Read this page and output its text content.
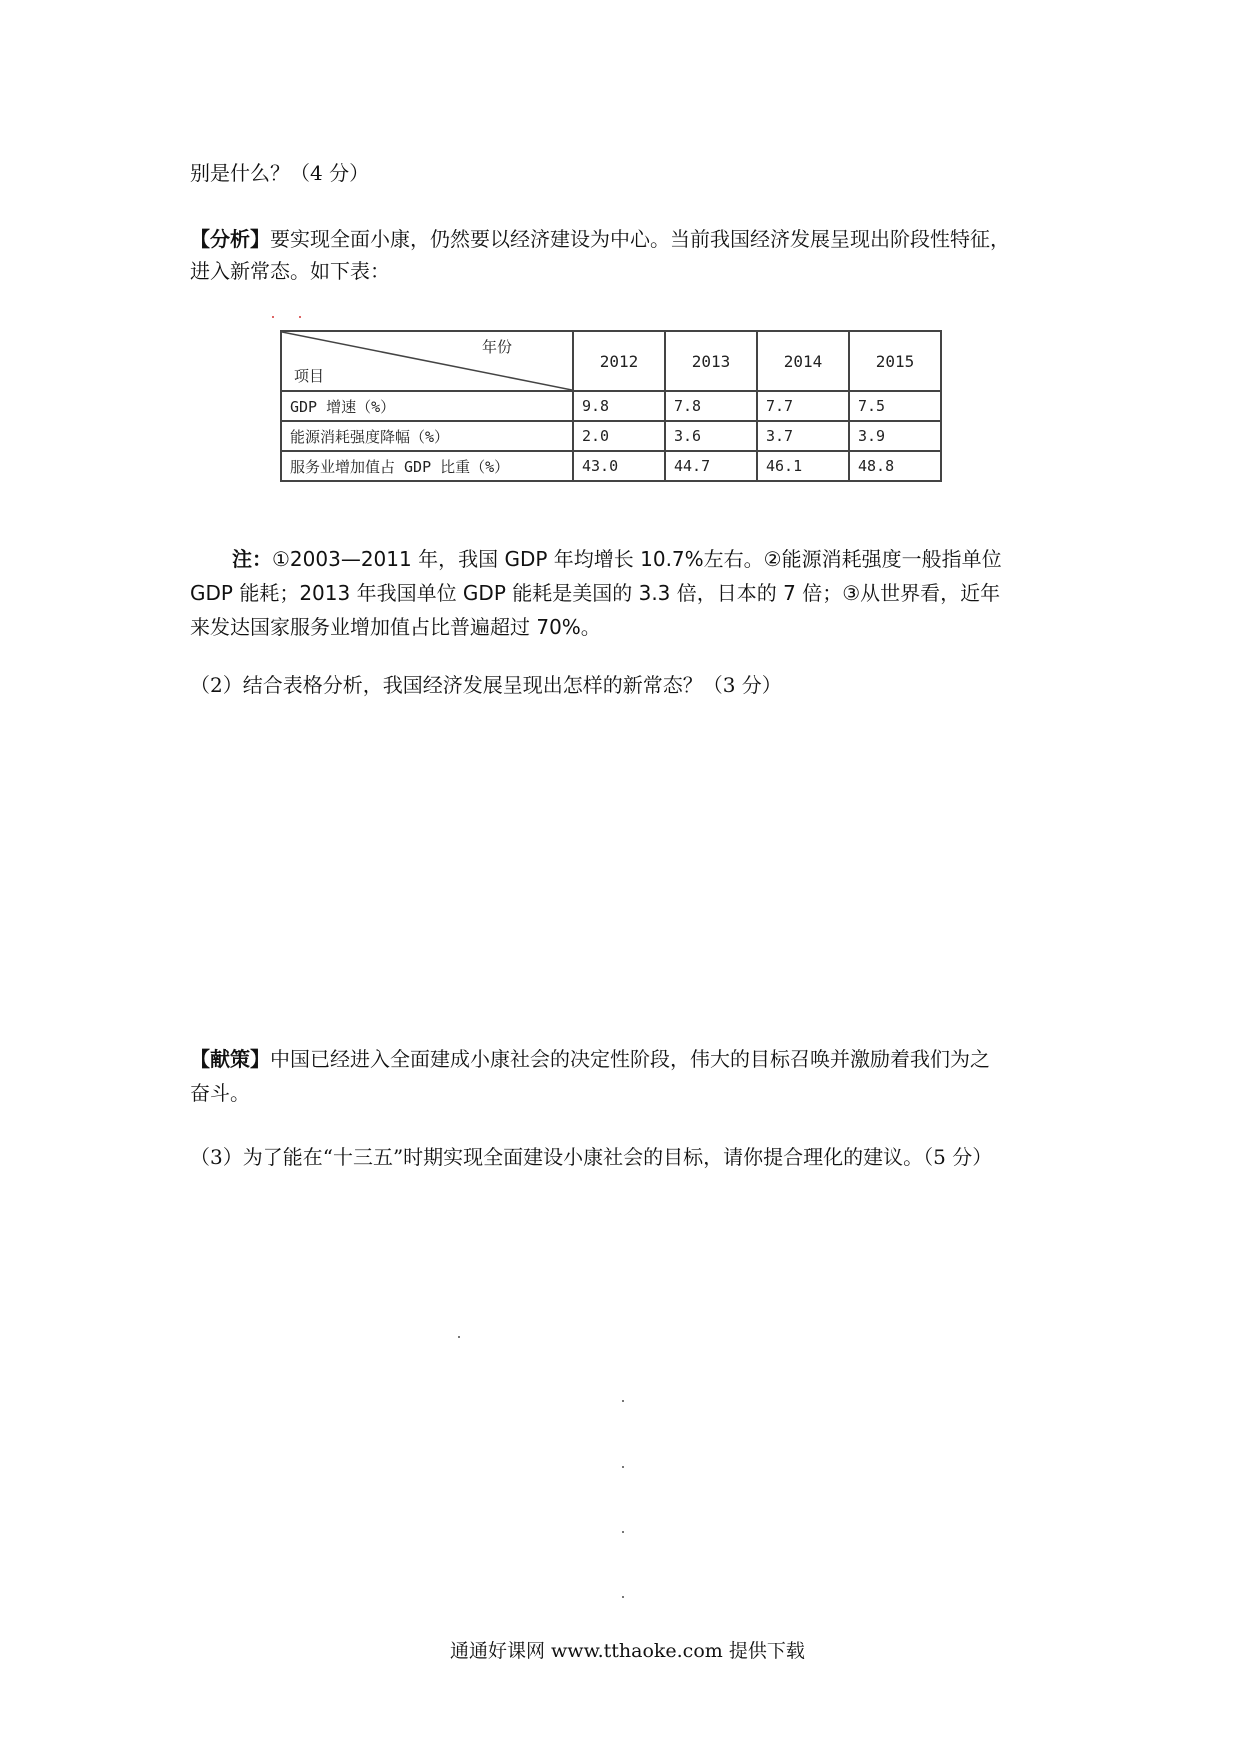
别是什么？（4 分）
【分析】要实现全面小康，仍然要以经济建设为中心。当前我国经济发展呈现出阶段性特征，
进入新常态。如下表：
年份
项目	2012	2013	2014	2015
GDP 增速（%）	9.8	7.8	7.7	7.5
能源消耗强度降幅（%）	2.0	3.6	3.7	3.9
服务业增加值占 GDP 比重（%）	43.0	44.7	46.1	48.8
注：①2003—2011 年，我国 GDP 年均增长 10.7%左右。②能源消耗强度一般指单位
GDP 能耗；2013 年我国单位 GDP 能耗是美国的 3.3 倍，日本的 7 倍；③从世界看，近年
来发达国家服务业增加值占比普遍超过 70%。
（2）结合表格分析，我国经济发展呈现出怎样的新常态？（3 分）
【献策】中国已经进入全面建成小康社会的决定性阶段，伟大的目标召唤并激励着我们为之
奋斗。
（3）为了能在“十三五”时期实现全面建设小康社会的目标，请你提合理化的建议。（5 分）
通通好课网 www.tthaoke.com 提供下载
